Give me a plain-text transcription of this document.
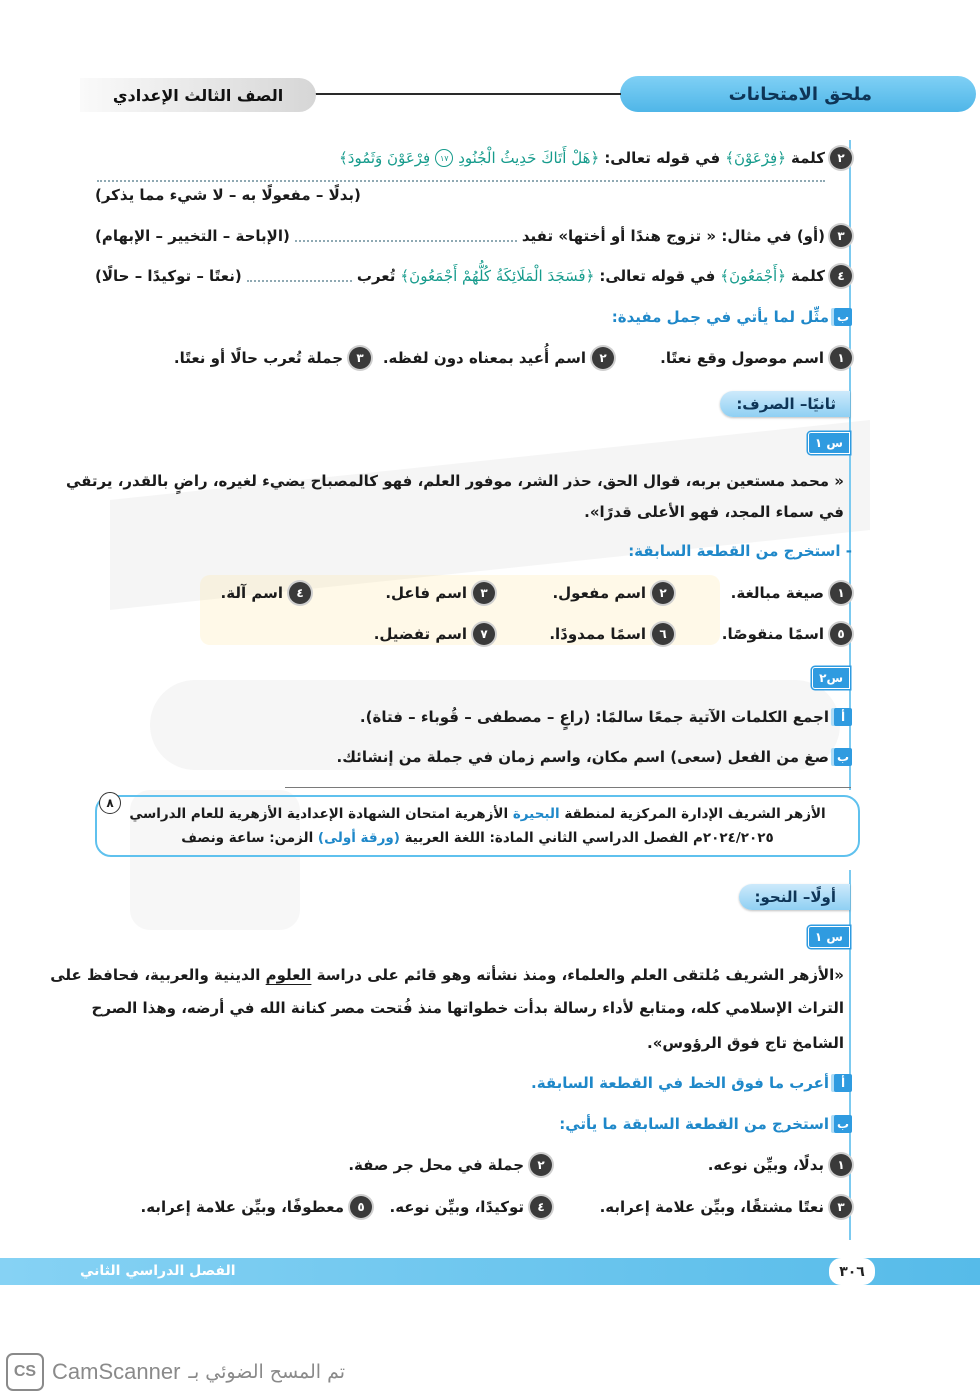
ملحق الامتحانات
الصف الثالث الإعدادي
٢
كلمة
﴿فِرْعَوْنَ﴾
في قوله تعالى:
﴿هَلْ أَتَاكَ حَدِيثُ الْجُنُودِ
١٧
فِرْعَوْنَ وَثَمُودَ﴾
(بدلًا – مفعولًا به – لا شيء مما يذكر)
٣
(أو) في مثال: « تزوج هندًا أو أختها» تفيد
(الإباحة – التخيير – الإبهام)
٤
كلمة
﴿أَجْمَعُونَ﴾
في قوله تعالى:
﴿فَسَجَدَ الْمَلَائِكَةُ كُلُّهُمْ أَجْمَعُونَ﴾
تُعرب
(نعتًا – توكيدًا – حالًا)
ب
مثِّل لما يأتي في جمل مفيدة:
١
اسم موصول وقع نعتًا.
٢
اسم أُعيد بمعناه دون لفظه.
٣
جملة تُعرب حالًا أو نعتًا.
ثانيًا– الصرف:
س ١
« محمد مستعين بربه، قوال الحق، حذر الشر، موفور العلم، فهو كالمصباح يضيء لغيره، راضٍ بالقدر، يرتقي
في سماء المجد، فهو الأعلى قدرًا».
- استخرج من القطعة السابقة:
١
صيغة مبالغة.
٢
اسم مفعول.
٣
اسم فاعل.
٤
اسم آلة.
٥
اسمًا منقوصًا.
٦
اسمًا ممدودًا.
٧
اسم تفضيل.
س٢
أ
اجمع الكلمات الآتية جمعًا سالمًا: (راعٍ – مصطفى – قُوباء – فتاة).
ب
صغ من الفعل (سعى) اسم مكان، واسم زمان في جملة من إنشائك.
الأزهر الشريف الإدارة المركزية لمنطقة البحيرة الأزهرية امتحان الشهادة الإعدادية الأزهرية للعام الدراسي
٢٠٢٤/٢٠٢٥م الفصل الدراسي الثاني المادة: اللغة العربية (ورقة أولى) الزمن: ساعة ونصف
٨
أولًا– النحو:
س ١
«الأزهر الشريف مُلتقى العلم والعلماء، ومنذ نشأته وهو قائم على دراسة العلوم الدينية والعربية، فحافظ على
التراث الإسلامي كله، ومتابع لأداء رسالة بدأت خطواتها منذ فُتحت مصر كنانة الله في أرضه، وهذا الصرح
الشامخ تاج فوق الرؤوس».
أ
أعرب ما فوق الخط في القطعة السابقة.
ب
استخرج من القطعة السابقة ما يأتي:
١
بدلًا، وبيِّن نوعه.
٢
جملة في محل جر صفة.
٣
نعتًا مشتقًا، وبيِّن علامة إعرابه.
٤
توكيدًا، وبيِّن نوعه.
٥
معطوفًا، وبيِّن علامة إعرابه.
الفصل الدراسي الثاني	٣٠٦
CS CamScanner تم المسح الضوئي بـ
